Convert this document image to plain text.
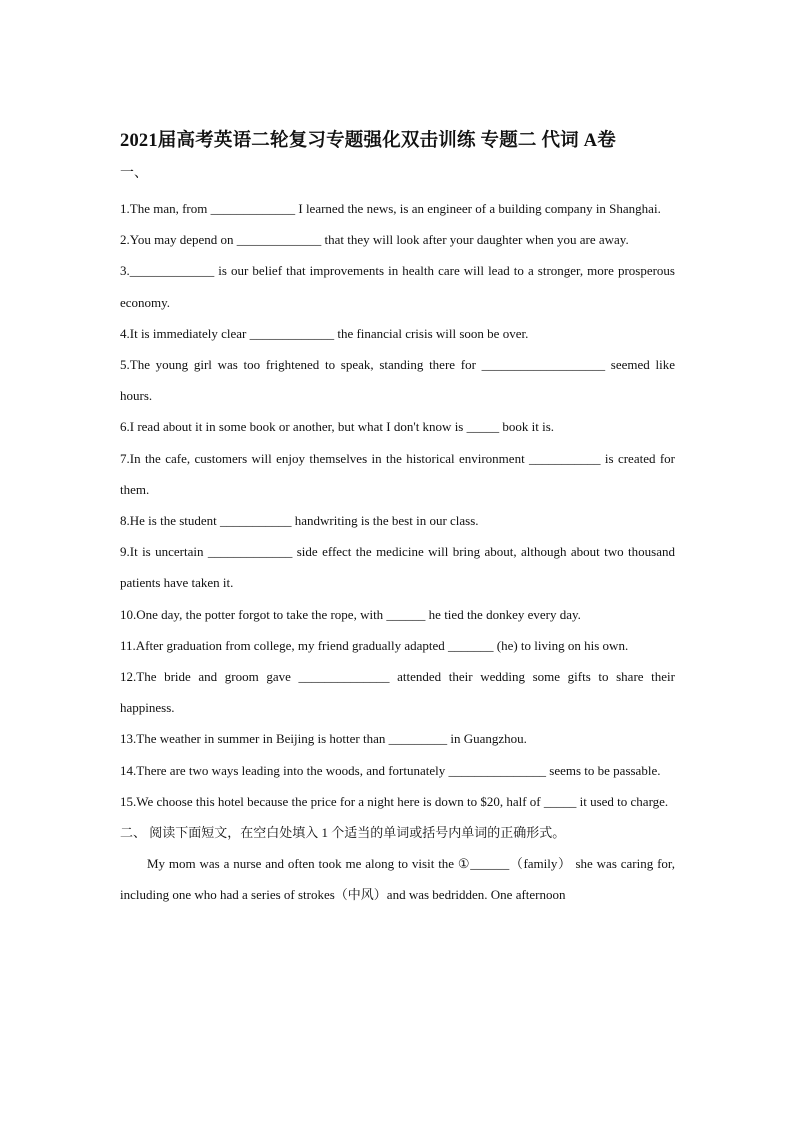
2021届高考英语二轮复习专题强化双击训练 专题二 代词 A卷
一、

1.The man, from _____________ I learned the news, is an engineer of a building company in Shanghai.

2.You may depend on _____________ that they will look after your daughter when you are away.

3._____________ is our belief that improvements in health care will lead to a stronger, more prosperous economy.

4.It is immediately clear _____________ the financial crisis will soon be over.

5.The young girl was too frightened to speak, standing there for ___________________ seemed like hours.

6.I read about it in some book or another, but what I don't know is _____ book it is.

7.In the cafe, customers will enjoy themselves in the historical environment ___________ is created for them.

8.He is the student ___________ handwriting is the best in our class.

9.It is uncertain _____________ side effect the medicine will bring about, although about two thousand patients have taken it.

10.One day, the potter forgot to take the rope, with ______ he tied the donkey every day.

11.After graduation from college, my friend gradually adapted _______ (he) to living on his own.

12.The bride and groom gave ______________ attended their wedding some gifts to share their happiness.

13.The weather in summer in Beijing is hotter than _________ in Guangzhou.

14.There are two ways leading into the woods, and fortunately _______________ seems to be passable.

15.We choose this hotel because the price for a night here is down to $20, half of _____ it used to charge.

二、 阅读下面短文，在空白处填入 1 个适当的单词或括号内单词的正确形式。

My mom was a nurse and often took me along to visit the ①______（family） she was caring for, including one who had a series of strokes（中风）and was bedridden. One afternoon
